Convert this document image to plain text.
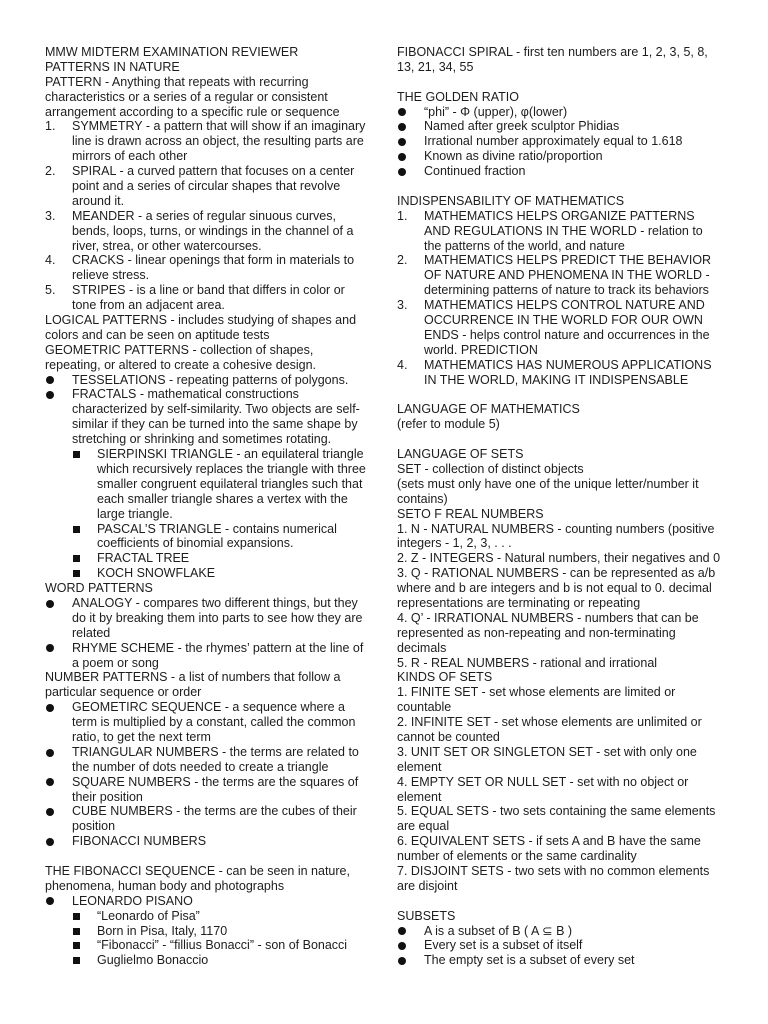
MMW MIDTERM EXAMINATION REVIEWER
PATTERNS IN NATURE
PATTERN - Anything that repeats with recurring
characteristics or a series of a regular or consistent
arrangement according to a specific rule or sequence
1.	SYMMETRY - a pattern that will show if an imaginary
line is drawn across an object, the resulting parts are
mirrors of each other
2.	SPIRAL - a curved pattern that focuses on a center
point and a series of circular shapes that revolve
around it.
3.	MEANDER - a series of regular sinuous curves,
bends, loops, turns, or windings in the channel of a
river, strea, or other watercourses.
4.	CRACKS - linear openings that form in materials to
relieve stress.
5.	STRIPES - is a line or band that differs in color or
tone from an adjacent area.
LOGICAL PATTERNS - includes studying of shapes and
colors and can be seen on aptitude tests
GEOMETRIC PATTERNS - collection of shapes,
repeating, or altered to create a cohesive design.
TESSELATIONS - repeating patterns of polygons.
FRACTALS - mathematical constructions
characterized by self-similarity. Two objects are self-
similar if they can be turned into the same shape by
stretching or shrinking and sometimes rotating.
SIERPINSKI TRIANGLE - an equilateral triangle
which recursively replaces the triangle with three
smaller congruent equilateral triangles such that
each smaller triangle shares a vertex with the
large triangle.
PASCAL’S TRIANGLE - contains numerical
coefficients of binomial expansions.
FRACTAL TREE
KOCH SNOWFLAKE
WORD PATTERNS
ANALOGY - compares two different things, but they
do it by breaking them into parts to see how they are
related
RHYME SCHEME - the rhymes’ pattern at the line of
a poem or song
NUMBER PATTERNS - a list of numbers that follow a
particular sequence or order
GEOMETIRC SEQUENCE - a sequence where a
term is multiplied by a constant, called the common
ratio, to get the next term
TRIANGULAR NUMBERS - the terms are related to
the number of dots needed to create a triangle
SQUARE NUMBERS - the terms are the squares of
their position
CUBE NUMBERS - the terms are the cubes of their
position
FIBONACCI NUMBERS
THE FIBONACCI SEQUENCE - can be seen in nature,
phenomena, human body and photographs
LEONARDO PISANO
“Leonardo of Pisa”
Born in Pisa, Italy, 1170
“Fibonacci” - “fillius Bonacci” - son of Bonacci
Guglielmo Bonaccio
FIBONACCI SPIRAL - first ten numbers are 1, 2, 3, 5, 8,
13, 21, 34, 55
THE GOLDEN RATIO
“phi” - Φ (upper), φ(lower)
Named after greek sculptor Phidias
Irrational number approximately equal to 1.618
Known as divine ratio/proportion
Continued fraction
INDISPENSABILITY OF MATHEMATICS
1.	MATHEMATICS HELPS ORGANIZE PATTERNS
AND REGULATIONS IN THE WORLD - relation to
the patterns of the world, and nature
2.	MATHEMATICS HELPS PREDICT THE BEHAVIOR
OF NATURE AND PHENOMENA IN THE WORLD -
determining patterns of nature to track its behaviors
3.	MATHEMATICS HELPS CONTROL NATURE AND
OCCURRENCE IN THE WORLD FOR OUR OWN
ENDS - helps control nature and occurrences in the
world. PREDICTION
4.	MATHEMATICS HAS NUMEROUS APPLICATIONS
IN THE WORLD, MAKING IT INDISPENSABLE
LANGUAGE OF MATHEMATICS
(refer to module 5)
LANGUAGE OF SETS
SET - collection of distinct objects
(sets must only have one of the unique letter/number it
contains)
SETO F REAL NUMBERS
1. N - NATURAL NUMBERS - counting numbers (positive
integers - 1, 2, 3, . . .
2. Z - INTEGERS - Natural numbers, their negatives and 0
3. Q - RATIONAL NUMBERS - can be represented as a/b
where and b are integers and b is not equal to 0. decimal
representations are terminating or repeating
4. Q’ - IRRATIONAL NUMBERS - numbers that can be
represented as non-repeating and non-terminating
decimals
5. R - REAL NUMBERS - rational and irrational
KINDS OF SETS
1. FINITE SET - set whose elements are limited or
countable
2. INFINITE SET - set whose elements are unlimited or
cannot be counted
3. UNIT SET OR SINGLETON SET - set with only one
element
4. EMPTY SET OR NULL SET - set with no object or
element
5. EQUAL SETS - two sets containing the same elements
are equal
6. EQUIVALENT SETS - if sets A and B have the same
number of elements or the same cardinality
7. DISJOINT SETS - two sets with no common elements
are disjoint
SUBSETS
A is a subset of B ( A ⊆ B )
Every set is a subset of itself
The empty set is a subset of every set
